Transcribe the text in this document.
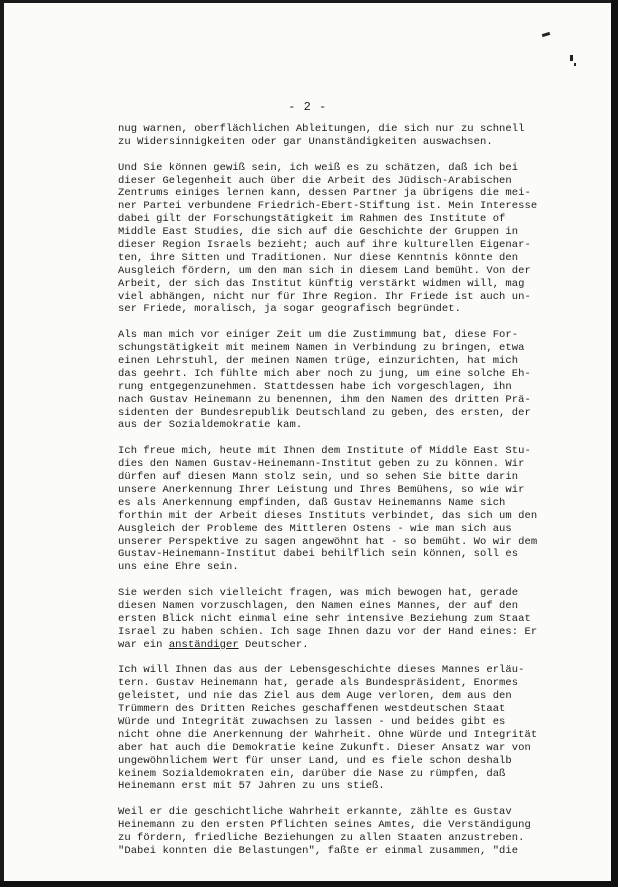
- 2 -
nug warnen, oberflächlichen Ableitungen, die sich nur zu schnell
zu Widersinnigkeiten oder gar Unanständigkeiten auswachsen.
Und Sie können gewiß sein, ich weiß es zu schätzen, daß ich bei
dieser Gelegenheit auch über die Arbeit des Jüdisch-Arabischen
Zentrums einiges lernen kann, dessen Partner ja übrigens die mei-
ner Partei verbundene Friedrich-Ebert-Stiftung ist. Mein Interesse
dabei gilt der Forschungstätigkeit im Rahmen des Institute of
Middle East Studies, die sich auf die Geschichte der Gruppen in
dieser Region Israels bezieht; auch auf ihre kulturellen Eigenar-
ten, ihre Sitten und Traditionen. Nur diese Kenntnis könnte den
Ausgleich fördern, um den man sich in diesem Land bemüht. Von der
Arbeit, der sich das Institut künftig verstärkt widmen will, mag
viel abhängen, nicht nur für Ihre Region. Ihr Friede ist auch un-
ser Friede, moralisch, ja sogar geografisch begründet.
Als man mich vor einiger Zeit um die Zustimmung bat, diese For-
schungstätigkeit mit meinem Namen in Verbindung zu bringen, etwa
einen Lehrstuhl, der meinen Namen trüge, einzurichten, hat mich
das geehrt. Ich fühlte mich aber noch zu jung, um eine solche Eh-
rung entgegenzunehmen. Stattdessen habe ich vorgeschlagen, ihn
nach Gustav Heinemann zu benennen, ihm den Namen des dritten Prä-
sidenten der Bundesrepublik Deutschland zu geben, des ersten, der
aus der Sozialdemokratie kam.
Ich freue mich, heute mit Ihnen dem Institute of Middle East Stu-
dies den Namen Gustav-Heinemann-Institut geben zu zu können. Wir
dürfen auf diesen Mann stolz sein, und so sehen Sie bitte darin
unsere Anerkennung Ihrer Leistung und Ihres Bemühens, so wie wir
es als Anerkennung empfinden, daß Gustav Heinemanns Name sich
forthin mit der Arbeit dieses Instituts verbindet, das sich um den
Ausgleich der Probleme des Mittleren Ostens - wie man sich aus
unserer Perspektive zu sagen angewöhnt hat - so bemüht. Wo wir dem
Gustav-Heinemann-Institut dabei behilflich sein können, soll es
uns eine Ehre sein.
Sie werden sich vielleicht fragen, was mich bewogen hat, gerade
diesen Namen vorzuschlagen, den Namen eines Mannes, der auf den
ersten Blick nicht einmal eine sehr intensive Beziehung zum Staat
Israel zu haben schien. Ich sage Ihnen dazu vor der Hand eines: Er
war ein anständiger Deutscher.
Ich will Ihnen das aus der Lebensgeschichte dieses Mannes erläu-
tern. Gustav Heinemann hat, gerade als Bundespräsident, Enormes
geleistet, und nie das Ziel aus dem Auge verloren, dem aus den
Trümmern des Dritten Reiches geschaffenen westdeutschen Staat
Würde und Integrität zuwachsen zu lassen - und beides gibt es
nicht ohne die Anerkennung der Wahrheit. Ohne Würde und Integrität
aber hat auch die Demokratie keine Zukunft. Dieser Ansatz war von
ungewöhnlichem Wert für unser Land, und es fiele schon deshalb
keinem Sozialdemokraten ein, darüber die Nase zu rümpfen, daß
Heinemann erst mit 57 Jahren zu uns stieß.
Weil er die geschichtliche Wahrheit erkannte, zählte es Gustav
Heinemann zu den ersten Pflichten seines Amtes, die Verständigung
zu fördern, friedliche Beziehungen zu allen Staaten anzustreben.
"Dabei konnten die Belastungen", faßte er einmal zusammen, "die
